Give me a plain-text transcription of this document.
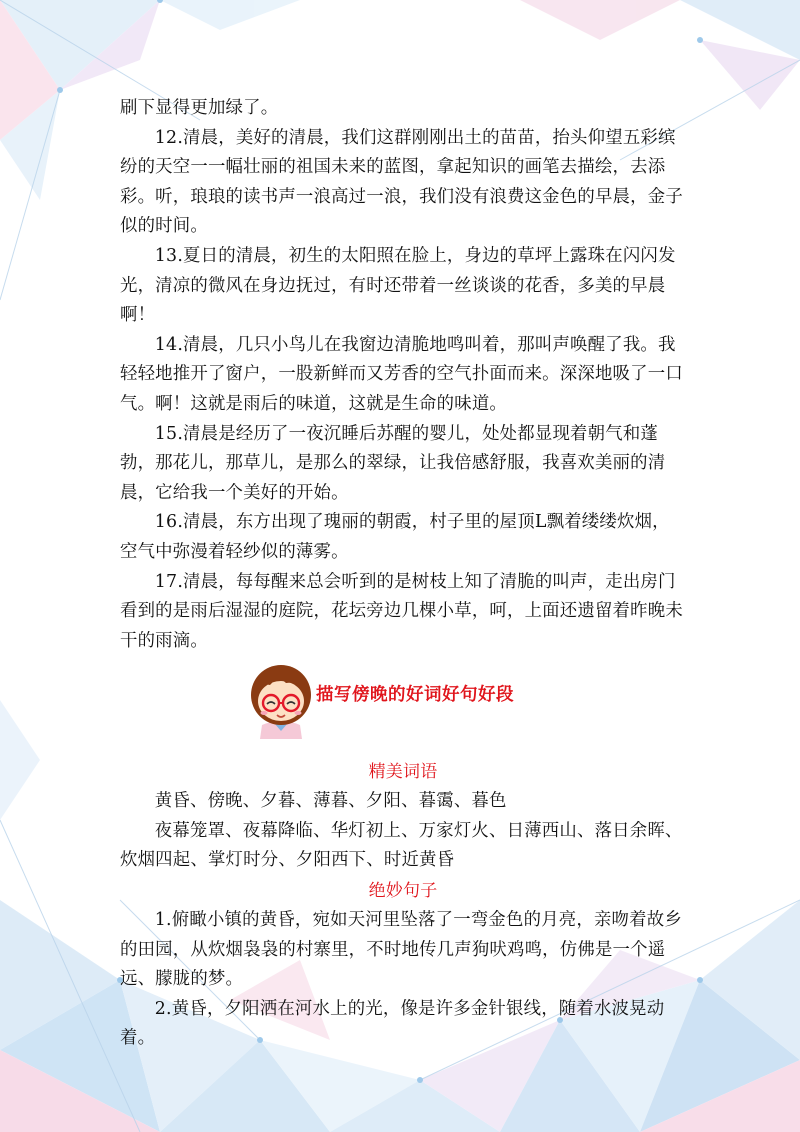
刷下显得更加绿了。

12.清晨，美好的清晨，我们这群刚刚出土的苗苗，抬头仰望五彩缤纷的天空一一幅壮丽的祖国未来的蓝图，拿起知识的画笔去描绘，去添彩。听，琅琅的读书声一浪高过一浪，我们没有浪费这金色的早晨，金子似的时间。

13.夏日的清晨，初生的太阳照在脸上，身边的草坪上露珠在闪闪发光，清凉的微风在身边抚过，有时还带着一丝谈谈的花香，多美的早晨啊！

14.清晨，几只小鸟儿在我窗边清脆地鸣叫着，那叫声唤醒了我。我轻轻地推开了窗户，一股新鲜而又芳香的空气扑面而来。深深地吸了一口气。啊！这就是雨后的味道，这就是生命的味道。

15.清晨是经历了一夜沉睡后苏醒的婴儿，处处都显现着朝气和蓬勃，那花儿，那草儿，是那么的翠绿，让我倍感舒服，我喜欢美丽的清晨，它给我一个美好的开始。

16.清晨，东方出现了瑰丽的朝霞，村子里的屋顶L飘着缕缕炊烟，空气中弥漫着轻纱似的薄雾。

17.清晨，每每醒来总会听到的是树枝上知了清脆的叫声，走出房门看到的是雨后湿湿的庭院，花坛旁边几棵小草，呵，上面还遗留着昨晚未干的雨滴。

描写傍晚的好词好句好段

精美词语

黄昏、傍晚、夕暮、薄暮、夕阳、暮霭、暮色

夜幕笼罩、夜幕降临、华灯初上、万家灯火、日薄西山、落日余晖、炊烟四起、掌灯时分、夕阳西下、时近黄昏

绝妙句子

1.俯瞰小镇的黄昏，宛如天河里坠落了一弯金色的月亮，亲吻着故乡的田园，从炊烟袅袅的村寨里，不时地传几声狗吠鸡鸣，仿佛是一个遥远、朦胧的梦。

2.黄昏，夕阳洒在河水上的光，像是许多金针银线，随着水波晃动着。
